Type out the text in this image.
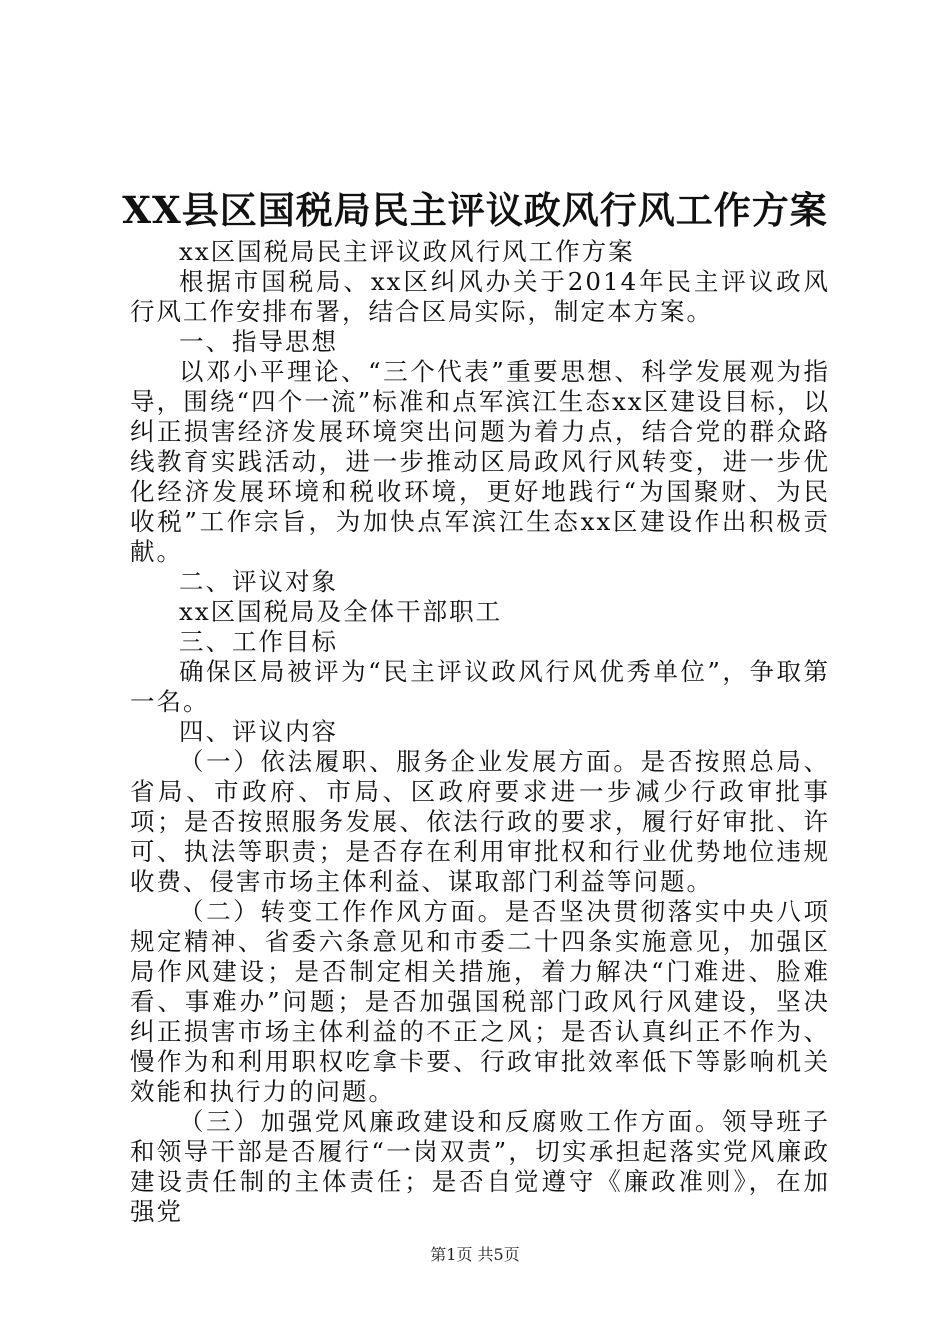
XX县区国税局民主评议政风行风工作方案

xx区国税局民主评议政风行风工作方案

根据市国税局、xx区纠风办关于2014年民主评议政风行风工作安排布署，结合区局实际，制定本方案。

一、指导思想

以邓小平理论、“三个代表”重要思想、科学发展观为指导，围绕“四个一流”标准和点军滨江生态xx区建设目标，以纠正损害经济发展环境突出问题为着力点，结合党的群众路线教育实践活动，进一步推动区局政风行风转变，进一步优化经济发展环境和税收环境，更好地践行“为国聚财、为民收税”工作宗旨，为加快点军滨江生态xx区建设作出积极贡献。

二、评议对象

xx区国税局及全体干部职工

三、工作目标

确保区局被评为“民主评议政风行风优秀单位”，争取第一名。

四、评议内容

（一）依法履职、服务企业发展方面。是否按照总局、省局、市政府、市局、区政府要求进一步减少行政审批事项；是否按照服务发展、依法行政的要求，履行好审批、许可、执法等职责；是否存在利用审批权和行业优势地位违规收费、侵害市场主体利益、谋取部门利益等问题。

（二）转变工作作风方面。是否坚决贯彻落实中央八项规定精神、省委六条意见和市委二十四条实施意见，加强区局作风建设；是否制定相关措施，着力解决“门难进、脸难看、事难办”问题；是否加强国税部门政风行风建设，坚决纠正损害市场主体利益的不正之风；是否认真纠正不作为、慢作为和利用职权吃拿卡要、行政审批效率低下等影响机关效能和执行力的问题。

（三）加强党风廉政建设和反腐败工作方面。领导班子和领导干部是否履行“一岗双责”，切实承担起落实党风廉政建设责任制的主体责任；是否自觉遵守《廉政准则》，在加强党

第1页 共5页
